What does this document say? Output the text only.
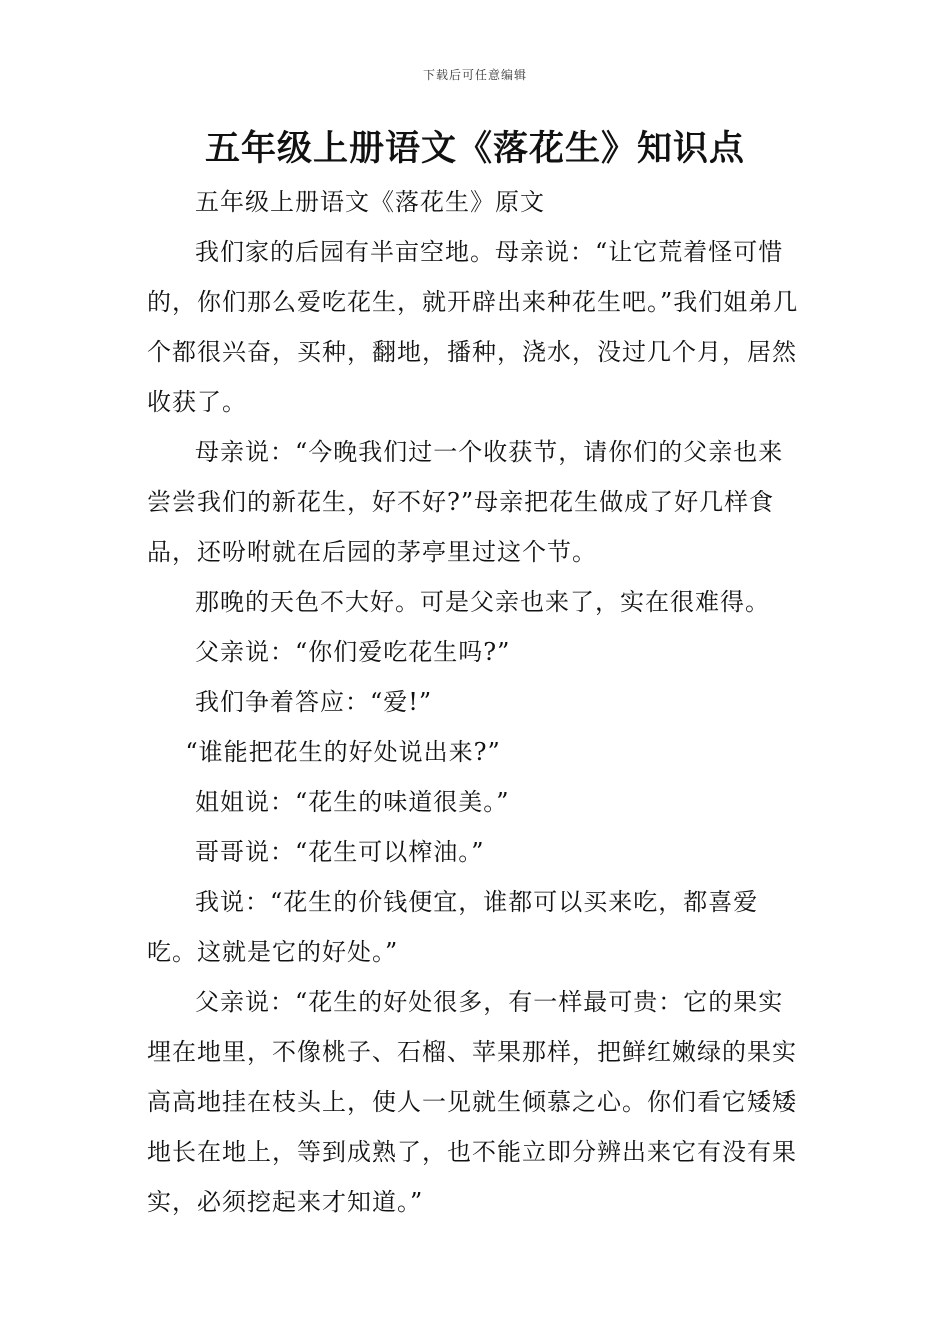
下载后可任意编辑
五年级上册语文《落花生》知识点

五年级上册语文《落花生》原文

我们家的后园有半亩空地。母亲说：“让它荒着怪可惜的，你们那么爱吃花生，就开辟出来种花生吧。”我们姐弟几个都很兴奋，买种，翻地，播种，浇水，没过几个月，居然收获了。

母亲说：“今晚我们过一个收获节，请你们的父亲也来尝尝我们的新花生，好不好?”母亲把花生做成了好几样食品，还吩咐就在后园的茅亭里过这个节。

那晚的天色不大好。可是父亲也来了，实在很难得。

父亲说：“你们爱吃花生吗?”

我们争着答应：“爱!”

“谁能把花生的好处说出来?”

姐姐说：“花生的味道很美。”

哥哥说：“花生可以榨油。”

我说：“花生的价钱便宜，谁都可以买来吃，都喜爱吃。这就是它的好处。”

父亲说：“花生的好处很多，有一样最可贵：它的果实埋在地里，不像桃子、石榴、苹果那样，把鲜红嫩绿的果实高高地挂在枝头上，使人一见就生倾慕之心。你们看它矮矮地长在地上，等到成熟了，也不能立即分辨出来它有没有果实，必须挖起来才知道。”
